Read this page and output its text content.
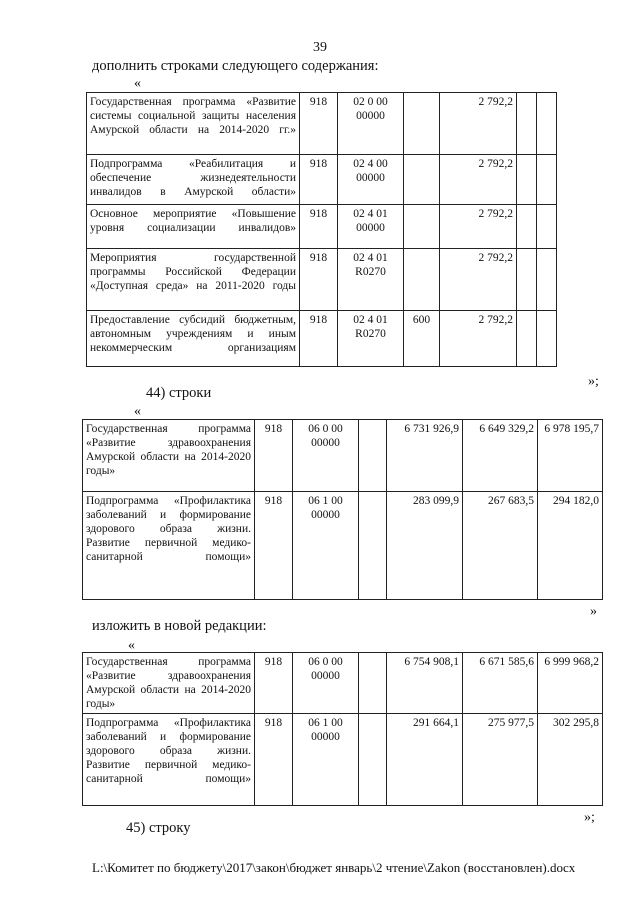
39
дополнить строками следующего содержания:
«
Государственная программа «Развитие системы социальной защиты населения Амурской области на 2014-2020 гг.»	918	02 0 00 00000		2 792,2		
Подпрограмма «Реабилитация и обеспечение жизнедеятельности инвалидов в Амурской области»	918	02 4 00 00000		2 792,2		
Основное мероприятие «Повышение уровня социализации инвалидов»	918	02 4 01 00000		2 792,2		
Мероприятия государственной программы Российской Федерации «Доступная среда» на 2011-2020 годы	918	02 4 01 R0270		2 792,2		
Предоставление субсидий бюджетным, автономным учреждениям и иным некоммерческим организациям	918	02 4 01 R0270	600	2 792,2		
»;
44) строки
«
Государственная программа «Развитие здравоохранения Амурской области на 2014-2020 годы»	918	06 0 00 00000		6 731 926,9	6 649 329,2	6 978 195,7
Подпрограмма «Профилактика заболеваний и формирование здорового образа жизни. Развитие первичной медико-санитарной помощи»	918	06 1 00 00000		283 099,9	267 683,5	294 182,0
»
изложить в новой редакции:
«
Государственная программа «Развитие здравоохранения Амурской области на 2014-2020 годы»	918	06 0 00 00000		6 754 908,1	6 671 585,6	6 999 968,2
Подпрограмма «Профилактика заболеваний и формирование здорового образа жизни. Развитие первичной медико-санитарной помощи»	918	06 1 00 00000		291 664,1	275 977,5	302 295,8
»;
45) строку
L:\Комитет по бюджету\2017\закон\бюджет январь\2 чтение\Zakon (восстановлен).docx
